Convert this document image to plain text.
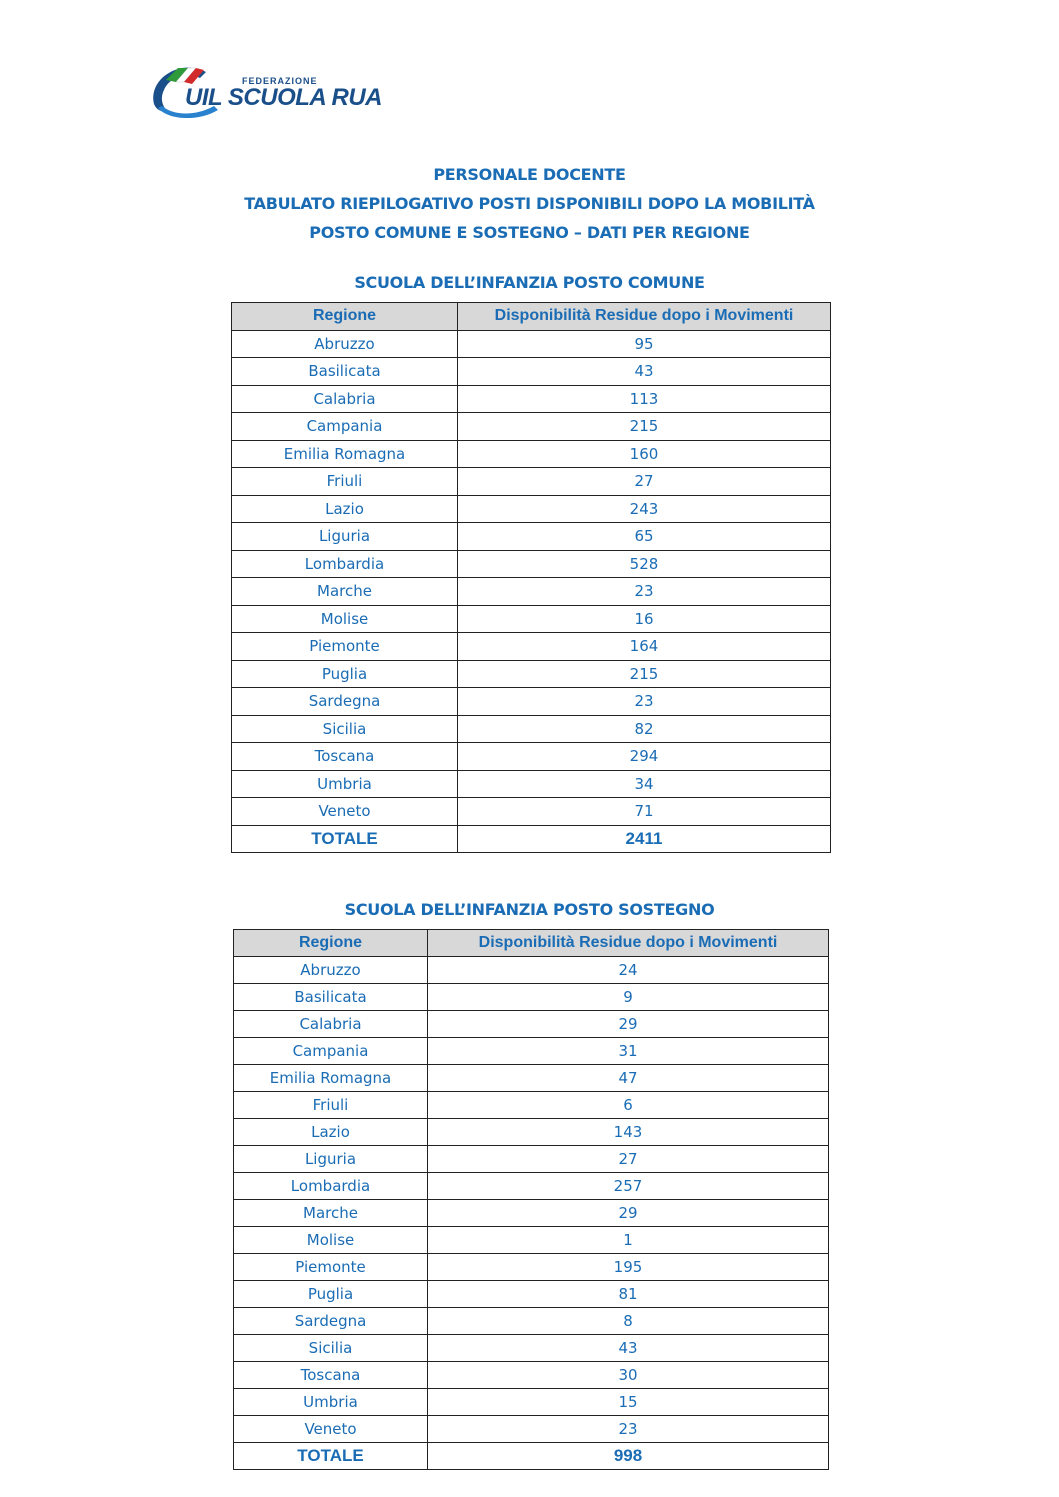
FEDERAZIONE
UIL SCUOLA RUA
PERSONALE DOCENTE
TABULATO RIEPILOGATIVO POSTI DISPONIBILI DOPO LA MOBILITÀ
POSTO COMUNE E SOSTEGNO – DATI PER REGIONE
SCUOLA DELL’INFANZIA POSTO COMUNE
Regione	Disponibilità Residue dopo i Movimenti
Abruzzo	95
Basilicata	43
Calabria	113
Campania	215
Emilia Romagna	160
Friuli	27
Lazio	243
Liguria	65
Lombardia	528
Marche	23
Molise	16
Piemonte	164
Puglia	215
Sardegna	23
Sicilia	82
Toscana	294
Umbria	34
Veneto	71
TOTALE	2411
SCUOLA DELL’INFANZIA POSTO SOSTEGNO
Regione	Disponibilità Residue dopo i Movimenti
Abruzzo	24
Basilicata	9
Calabria	29
Campania	31
Emilia Romagna	47
Friuli	6
Lazio	143
Liguria	27
Lombardia	257
Marche	29
Molise	1
Piemonte	195
Puglia	81
Sardegna	8
Sicilia	43
Toscana	30
Umbria	15
Veneto	23
TOTALE	998
